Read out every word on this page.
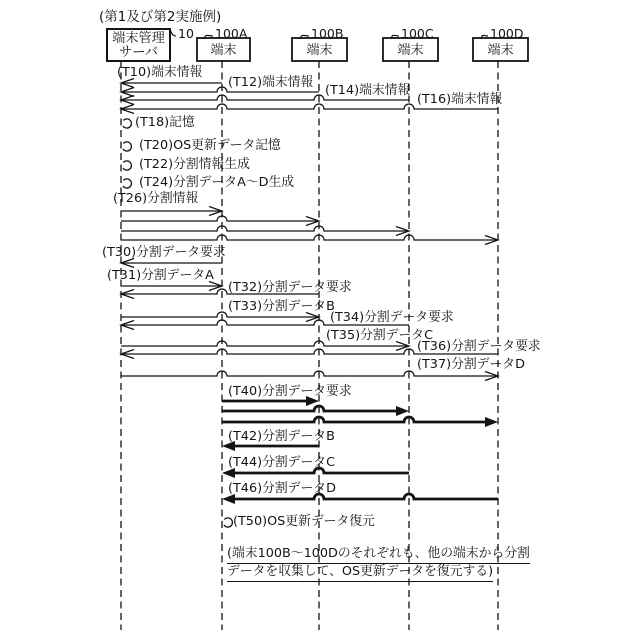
(第1及び第2実施例)
(端末100B～100Dのそれぞれも、他の端末から分割
データを収集して、OS更新データを復元する)
(T10)端末情報
(T12)端末情報
(T14)端末情報
(T16)端末情報
(T18)記憶
(T20)OS更新データ記憶
(T22)分割情報生成
(T24)分割データA～D生成
(T26)分割情報
(T30)分割データ要求
(T31)分割データA
(T32)分割データ要求
(T33)分割データB
(T34)分割データ要求
(T35)分割データC
(T36)分割データ要求
(T37)分割データD
(T40)分割データ要求
(T42)分割データB
(T44)分割データC
(T46)分割データD
(T50)OS更新データ復元
10
端末管理
サーバ
100A
端末
100B
端末
100C
端末
100D
端末
